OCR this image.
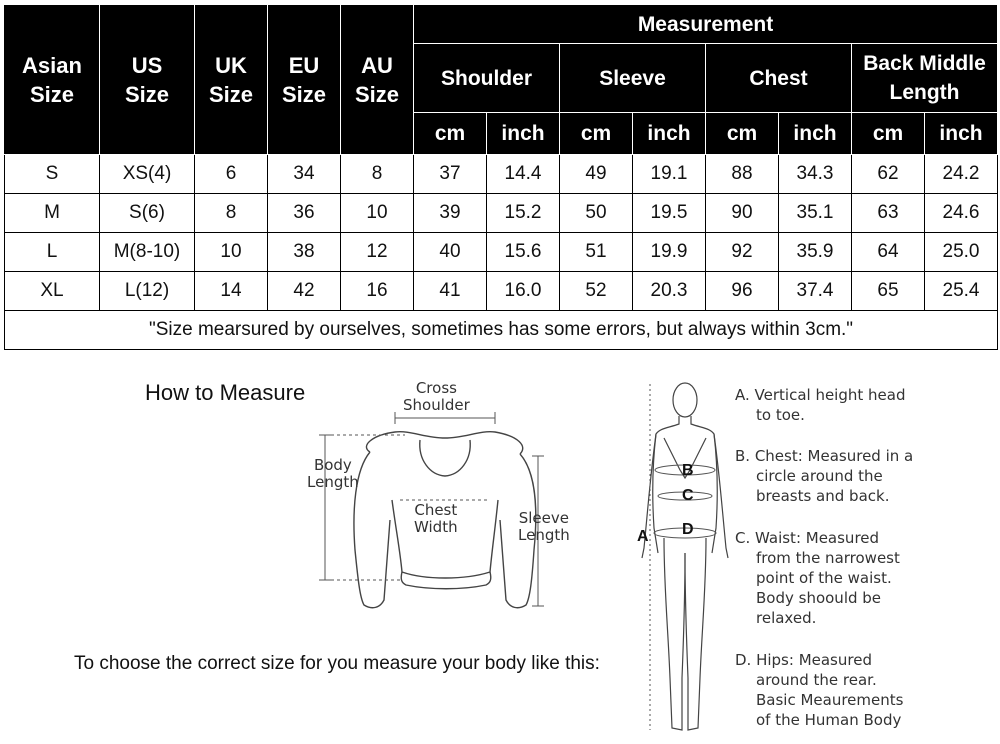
Asian Size	US Size	UK Size	EU Size	AU Size	Measurement							
					Shoulder		Sleeve		Chest		Back Middle Length	
					cm	inch	cm	inch	cm	inch	cm	inch
S	XS(4)	6	34	8	37	14.4	49	19.1	88	34.3	62	24.2
M	S(6)	8	36	10	39	15.2	50	19.5	90	35.1	63	24.6
L	M(8-10)	10	38	12	40	15.6	51	19.9	92	35.9	64	25.0
XL	L(12)	14	42	16	41	16.0	52	20.3	96	37.4	65	25.4
"Size mearsured by ourselves, sometimes has some errors, but always within 3cm."												
How to Measure	Cross
Shoulder
Body
Length
Chest
Width	Sleeve
Length
To choose the correct size for you measure your body like this:
A
B
C
D
A. Vertical height head
to toe.
B. Chest: Measured in a
circle around the
breasts and back.
C. Waist: Measured
from the narrowest
point of the waist.
Body shoould be
relaxed.
D. Hips: Measured
around the rear.
Basic Meaurements
of the Human Body
